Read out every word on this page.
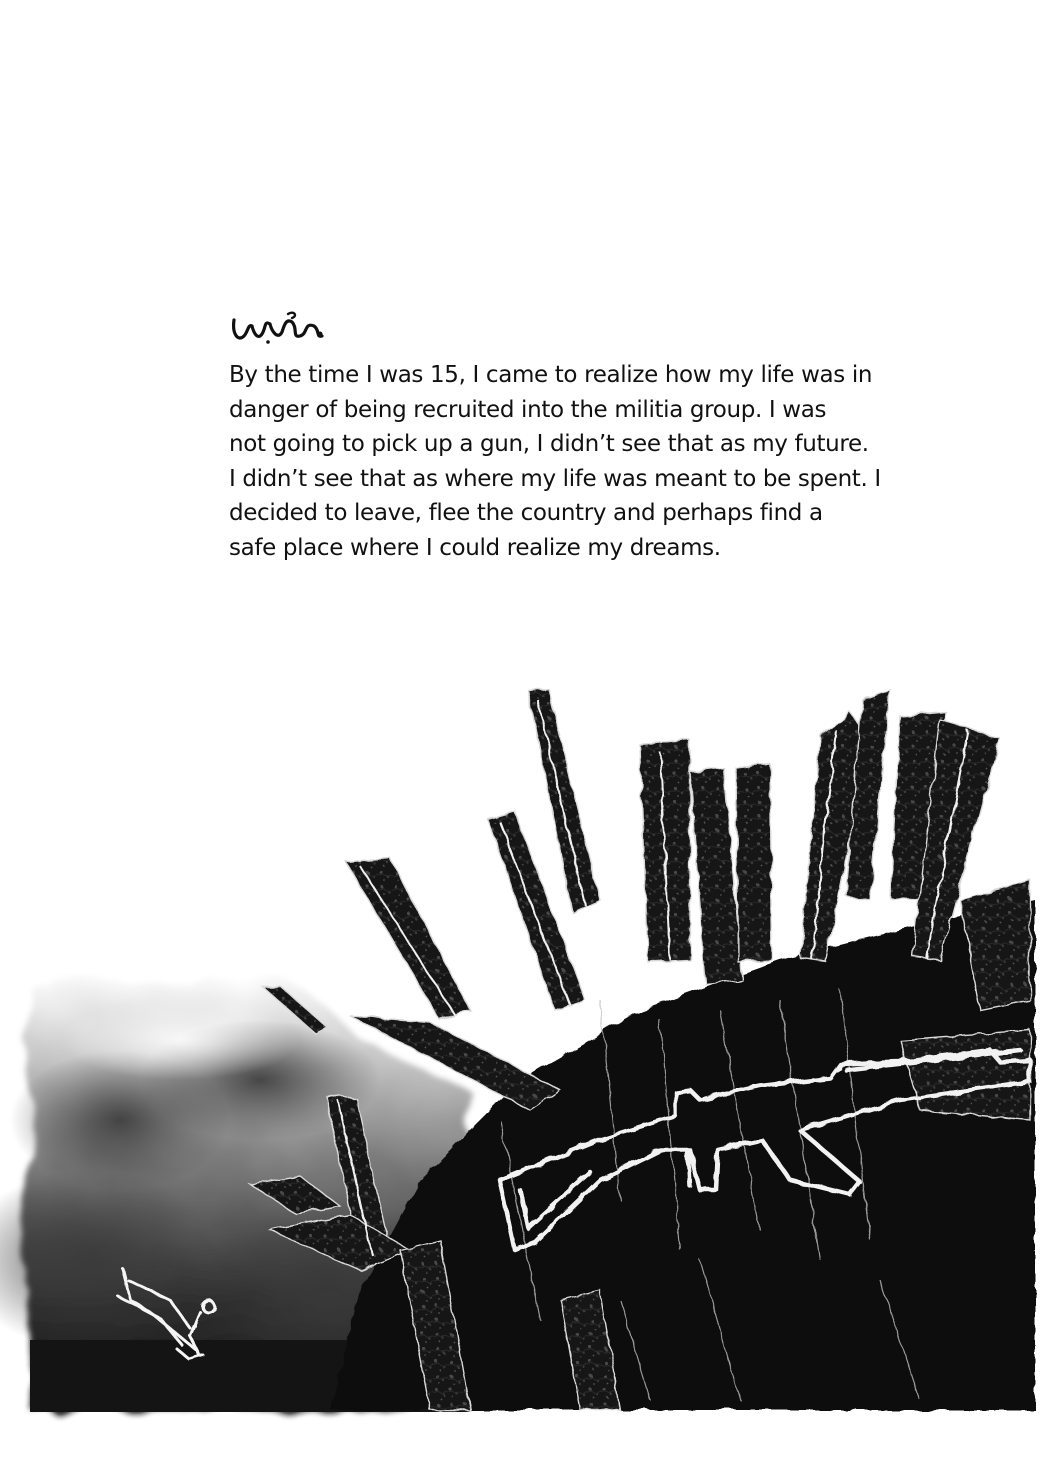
By the time I was 15, I came to realize how my life was in
danger of being recruited into the militia group. I was
not going to pick up a gun, I didn’t see that as my future.
I didn’t see that as where my life was meant to be spent. I
decided to leave, flee the country and perhaps find a
safe place where I could realize my dreams.
